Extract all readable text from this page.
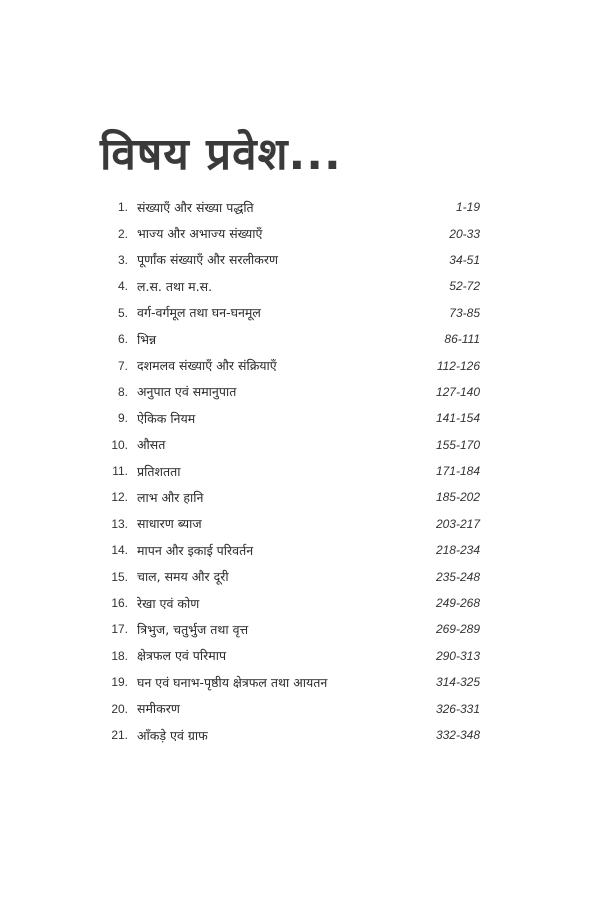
विषय प्रवेश...
1. संख्याएँ और संख्या पद्धति	1-19
2. भाज्य और अभाज्य संख्याएँ	20-33
3. पूर्णांक संख्याएँ और सरलीकरण	34-51
4. ल.स. तथा म.स.	52-72
5. वर्ग-वर्गमूल तथा घन-घनमूल	73-85
6. भिन्न	86-111
7. दशमलव संख्याएँ और संक्रियाएँ	112-126
8. अनुपात एवं समानुपात	127-140
9. ऐकिक नियम	141-154
10. औसत	155-170
11. प्रतिशतता	171-184
12. लाभ और हानि	185-202
13. साधारण ब्याज	203-217
14. मापन और इकाई परिवर्तन	218-234
15. चाल, समय और दूरी	235-248
16. रेखा एवं कोण	249-268
17. त्रिभुज, चतुर्भुज तथा वृत्त	269-289
18. क्षेत्रफल एवं परिमाप	290-313
19. घन एवं घनाभ-पृष्ठीय क्षेत्रफल तथा आयतन	314-325
20. समीकरण	326-331
21. आँकड़े एवं ग्राफ	332-348
